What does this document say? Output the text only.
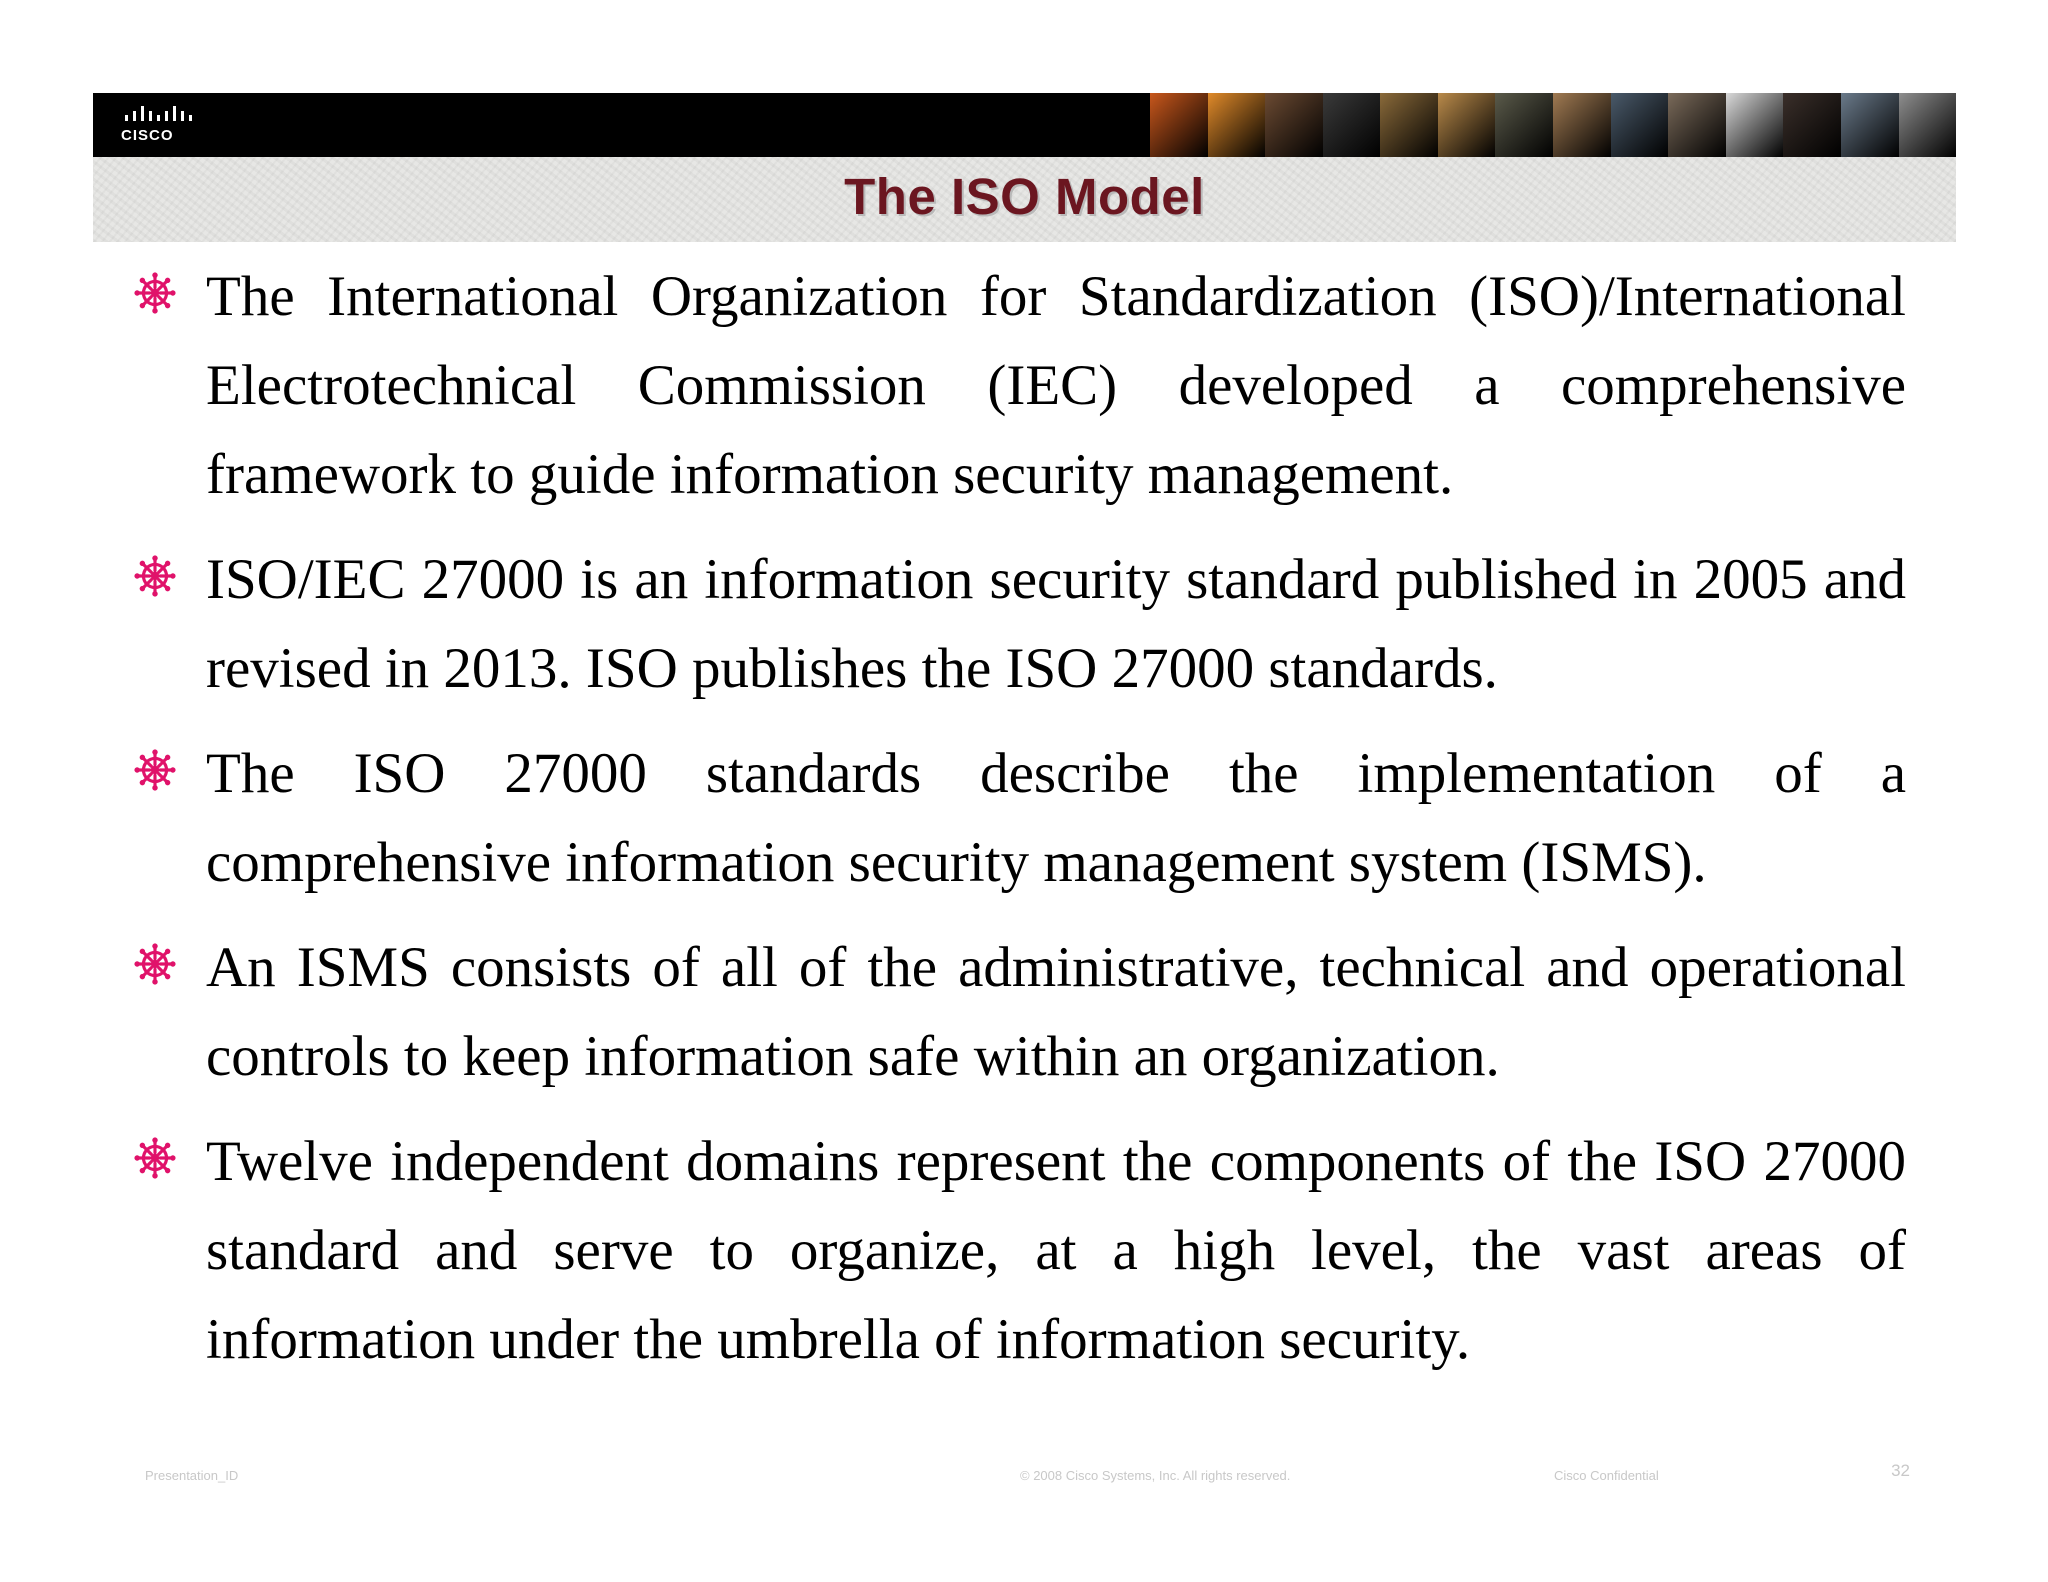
CISCO
The ISO Model
The International Organization for Standardization (ISO)/International Electrotechnical Commission (IEC) developed a comprehensive framework to guide information security management.
ISO/IEC 27000 is an information security standard published in 2005 and revised in 2013. ISO publishes the ISO 27000 standards.
The ISO 27000 standards describe the implementation of a comprehensive information security management system (ISMS).
An ISMS consists of all of the administrative, technical and operational controls to keep information safe within an organization.
Twelve independent domains represent the components of the ISO 27000 standard and serve to organize, at a high level, the vast areas of information under the umbrella of information security.
Presentation_ID	© 2008 Cisco Systems, Inc. All rights reserved.	Cisco Confidential	32
